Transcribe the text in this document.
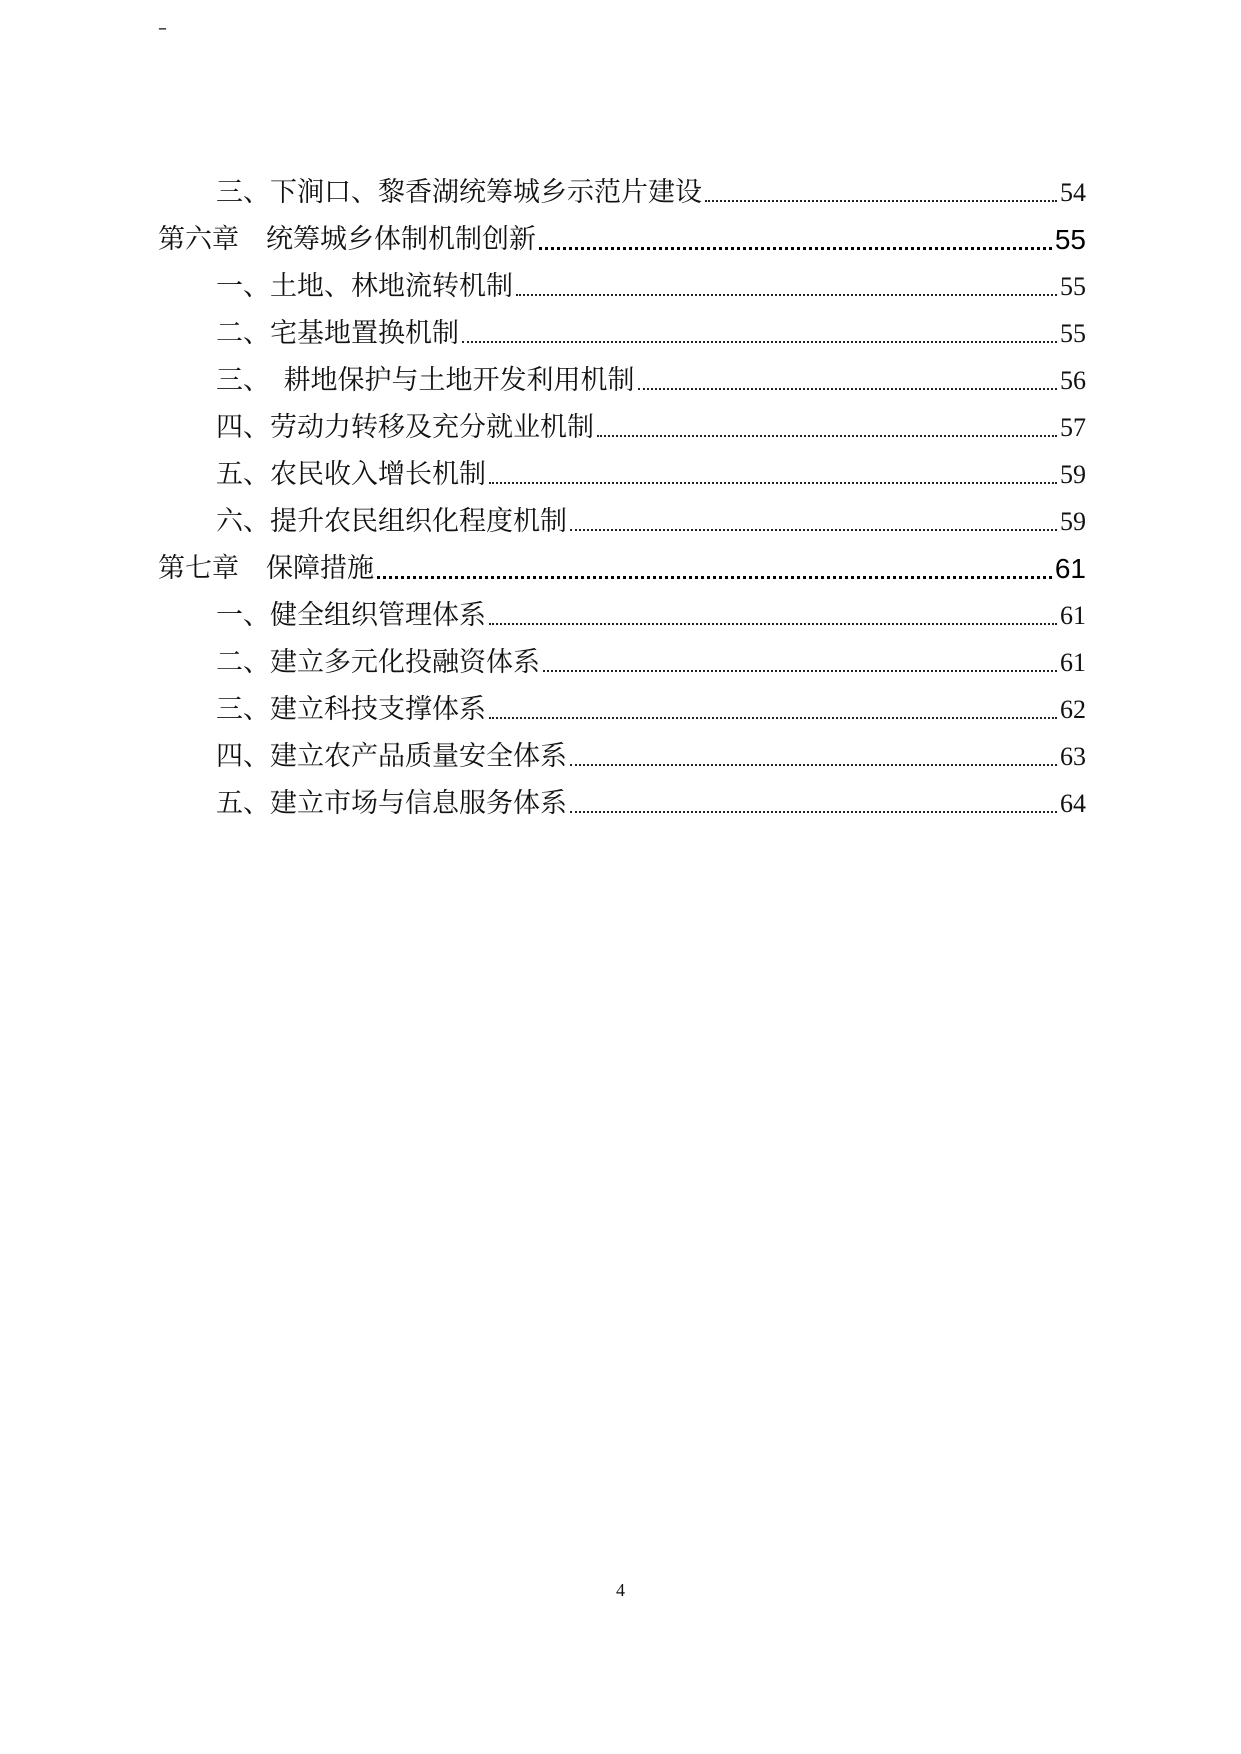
–
三、下涧口、黎香湖统筹城乡示范片建设	54
第六章　统筹城乡体制机制创新	55
一、土地、林地流转机制	55
二、宅基地置换机制	55
三、　耕地保护与土地开发利用机制	56
四、劳动力转移及充分就业机制	57
五、农民收入增长机制	59
六、提升农民组织化程度机制	59
第七章　保障措施	61
一、健全组织管理体系	61
二、建立多元化投融资体系	61
三、建立科技支撑体系	62
四、建立农产品质量安全体系	63
五、建立市场与信息服务体系	64
4
